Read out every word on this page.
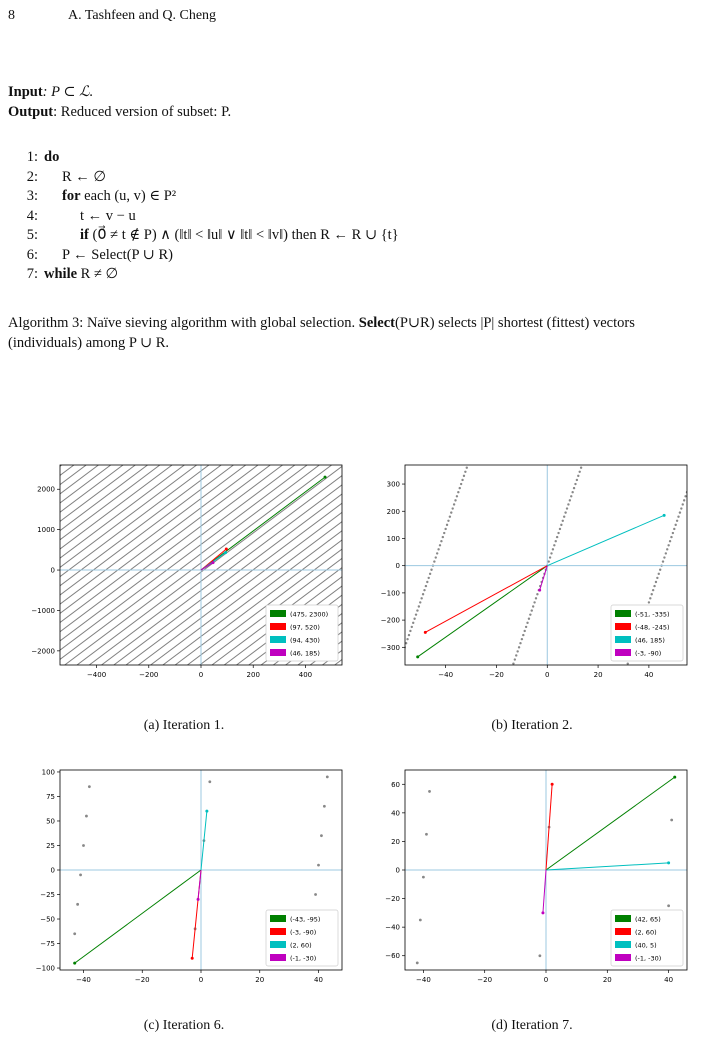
8	A. Tashfeen and Q. Cheng
Input: P ⊂ ℒ.
Output: Reduced version of subset: P.
1: do
2:	R ← ∅
3:	for each (u, v) ∈ P²
4:	t ← v − u
5:	if (0⃗ ≠ t ∉ P) ∧ (‖t‖ < ‖u‖ ∨ ‖t‖ < ‖v‖) then R ← R ∪ {t}
6:	P ← Select(P ∪ R)
7: while R ≠ ∅
Algorithm 3: Naïve sieving algorithm with global selection. Select(P∪R) selects |P| shortest (fittest) vectors (individuals) among P ∪ R.
−400	−200	0	200	400
−2000
−1000
0
1000
2000
(475, 2300)
(97, 520)
(94, 430)
(46, 185)
(a) Iteration 1.
−40	−20	0	20	40
−300
−200
−100
0
100
200
300
(-51, -335)
(-48, -245)
(46, 185)
(-3, -90)
(b) Iteration 2.
−40	−20	0	20	40
−100
−75
−50
−25
0
25
50
75
100
(-43, -95)
(-3, -90)
(2, 60)
(-1, -30)
(c) Iteration 6.
−40	−20	0	20	40
−60
−40
−20
0
20
40
60
(42, 65)
(2, 60)
(40, 5)
(-1, -30)
(d) Iteration 7.
